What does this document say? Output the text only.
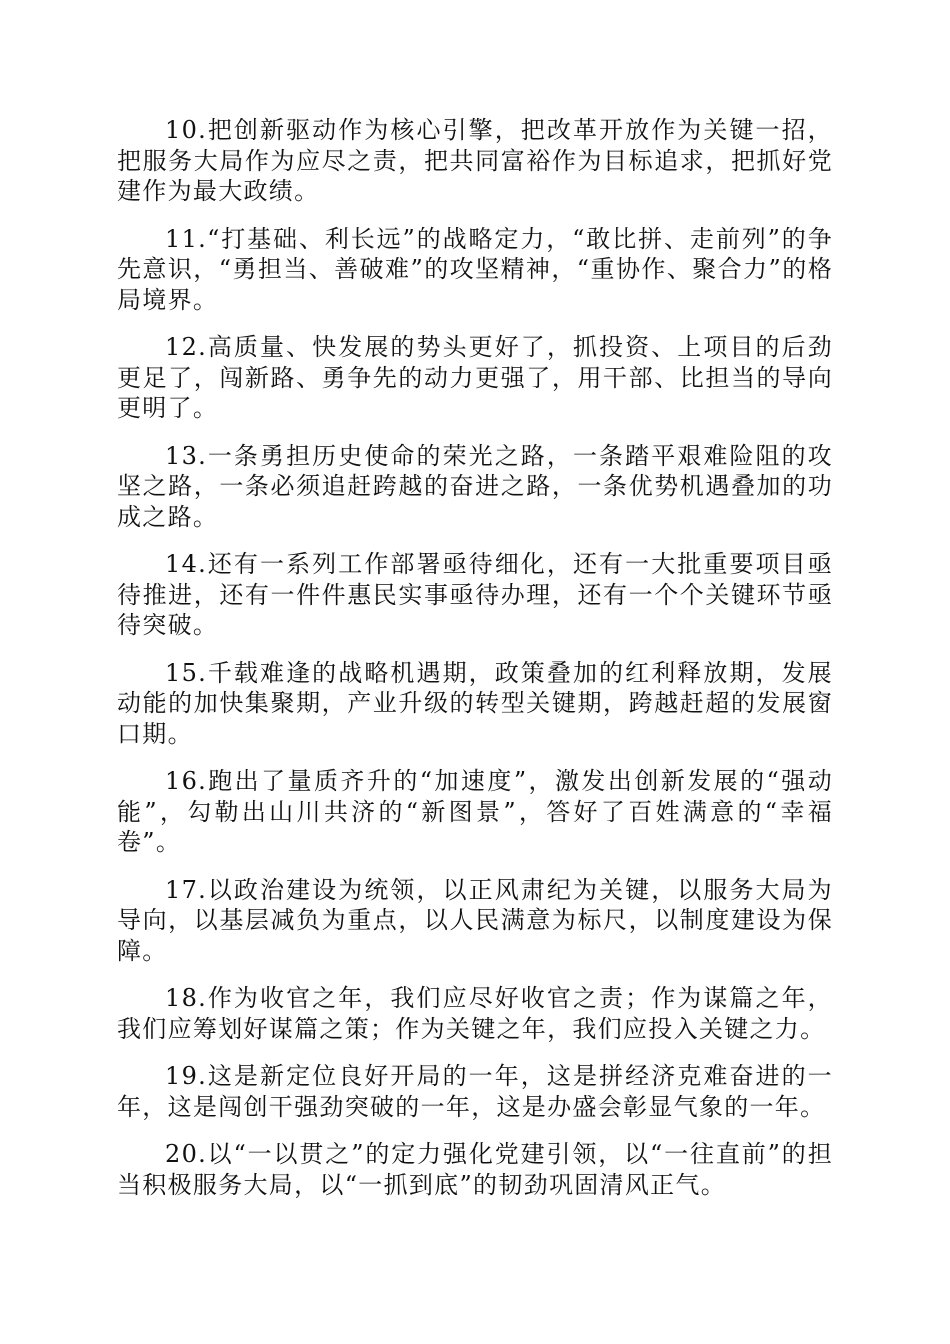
10.把创新驱动作为核心引擎，把改革开放作为关键一招，把服务大局作为应尽之责，把共同富裕作为目标追求，把抓好党建作为最大政绩。

11.“打基础、利长远”的战略定力，“敢比拼、走前列”的争先意识，“勇担当、善破难”的攻坚精神，“重协作、聚合力”的格局境界。

12.高质量、快发展的势头更好了，抓投资、上项目的后劲更足了，闯新路、勇争先的动力更强了，用干部、比担当的导向更明了。

13.一条勇担历史使命的荣光之路，一条踏平艰难险阻的攻坚之路，一条必须追赶跨越的奋进之路，一条优势机遇叠加的功成之路。

14.还有一系列工作部署亟待细化，还有一大批重要项目亟待推进，还有一件件惠民实事亟待办理，还有一个个关键环节亟待突破。

15.千载难逢的战略机遇期，政策叠加的红利释放期，发展动能的加快集聚期，产业升级的转型关键期，跨越赶超的发展窗口期。

16.跑出了量质齐升的“加速度”，激发出创新发展的“强动能”，勾勒出山川共济的“新图景”，答好了百姓满意的“幸福卷”。

17.以政治建设为统领，以正风肃纪为关键，以服务大局为导向，以基层减负为重点，以人民满意为标尺，以制度建设为保障。

18.作为收官之年，我们应尽好收官之责；作为谋篇之年，我们应筹划好谋篇之策；作为关键之年，我们应投入关键之力。

19.这是新定位良好开局的一年，这是拼经济克难奋进的一年，这是闯创干强劲突破的一年，这是办盛会彰显气象的一年。

20.以“一以贯之”的定力强化党建引领，以“一往直前”的担当积极服务大局，以“一抓到底”的韧劲巩固清风正气。
